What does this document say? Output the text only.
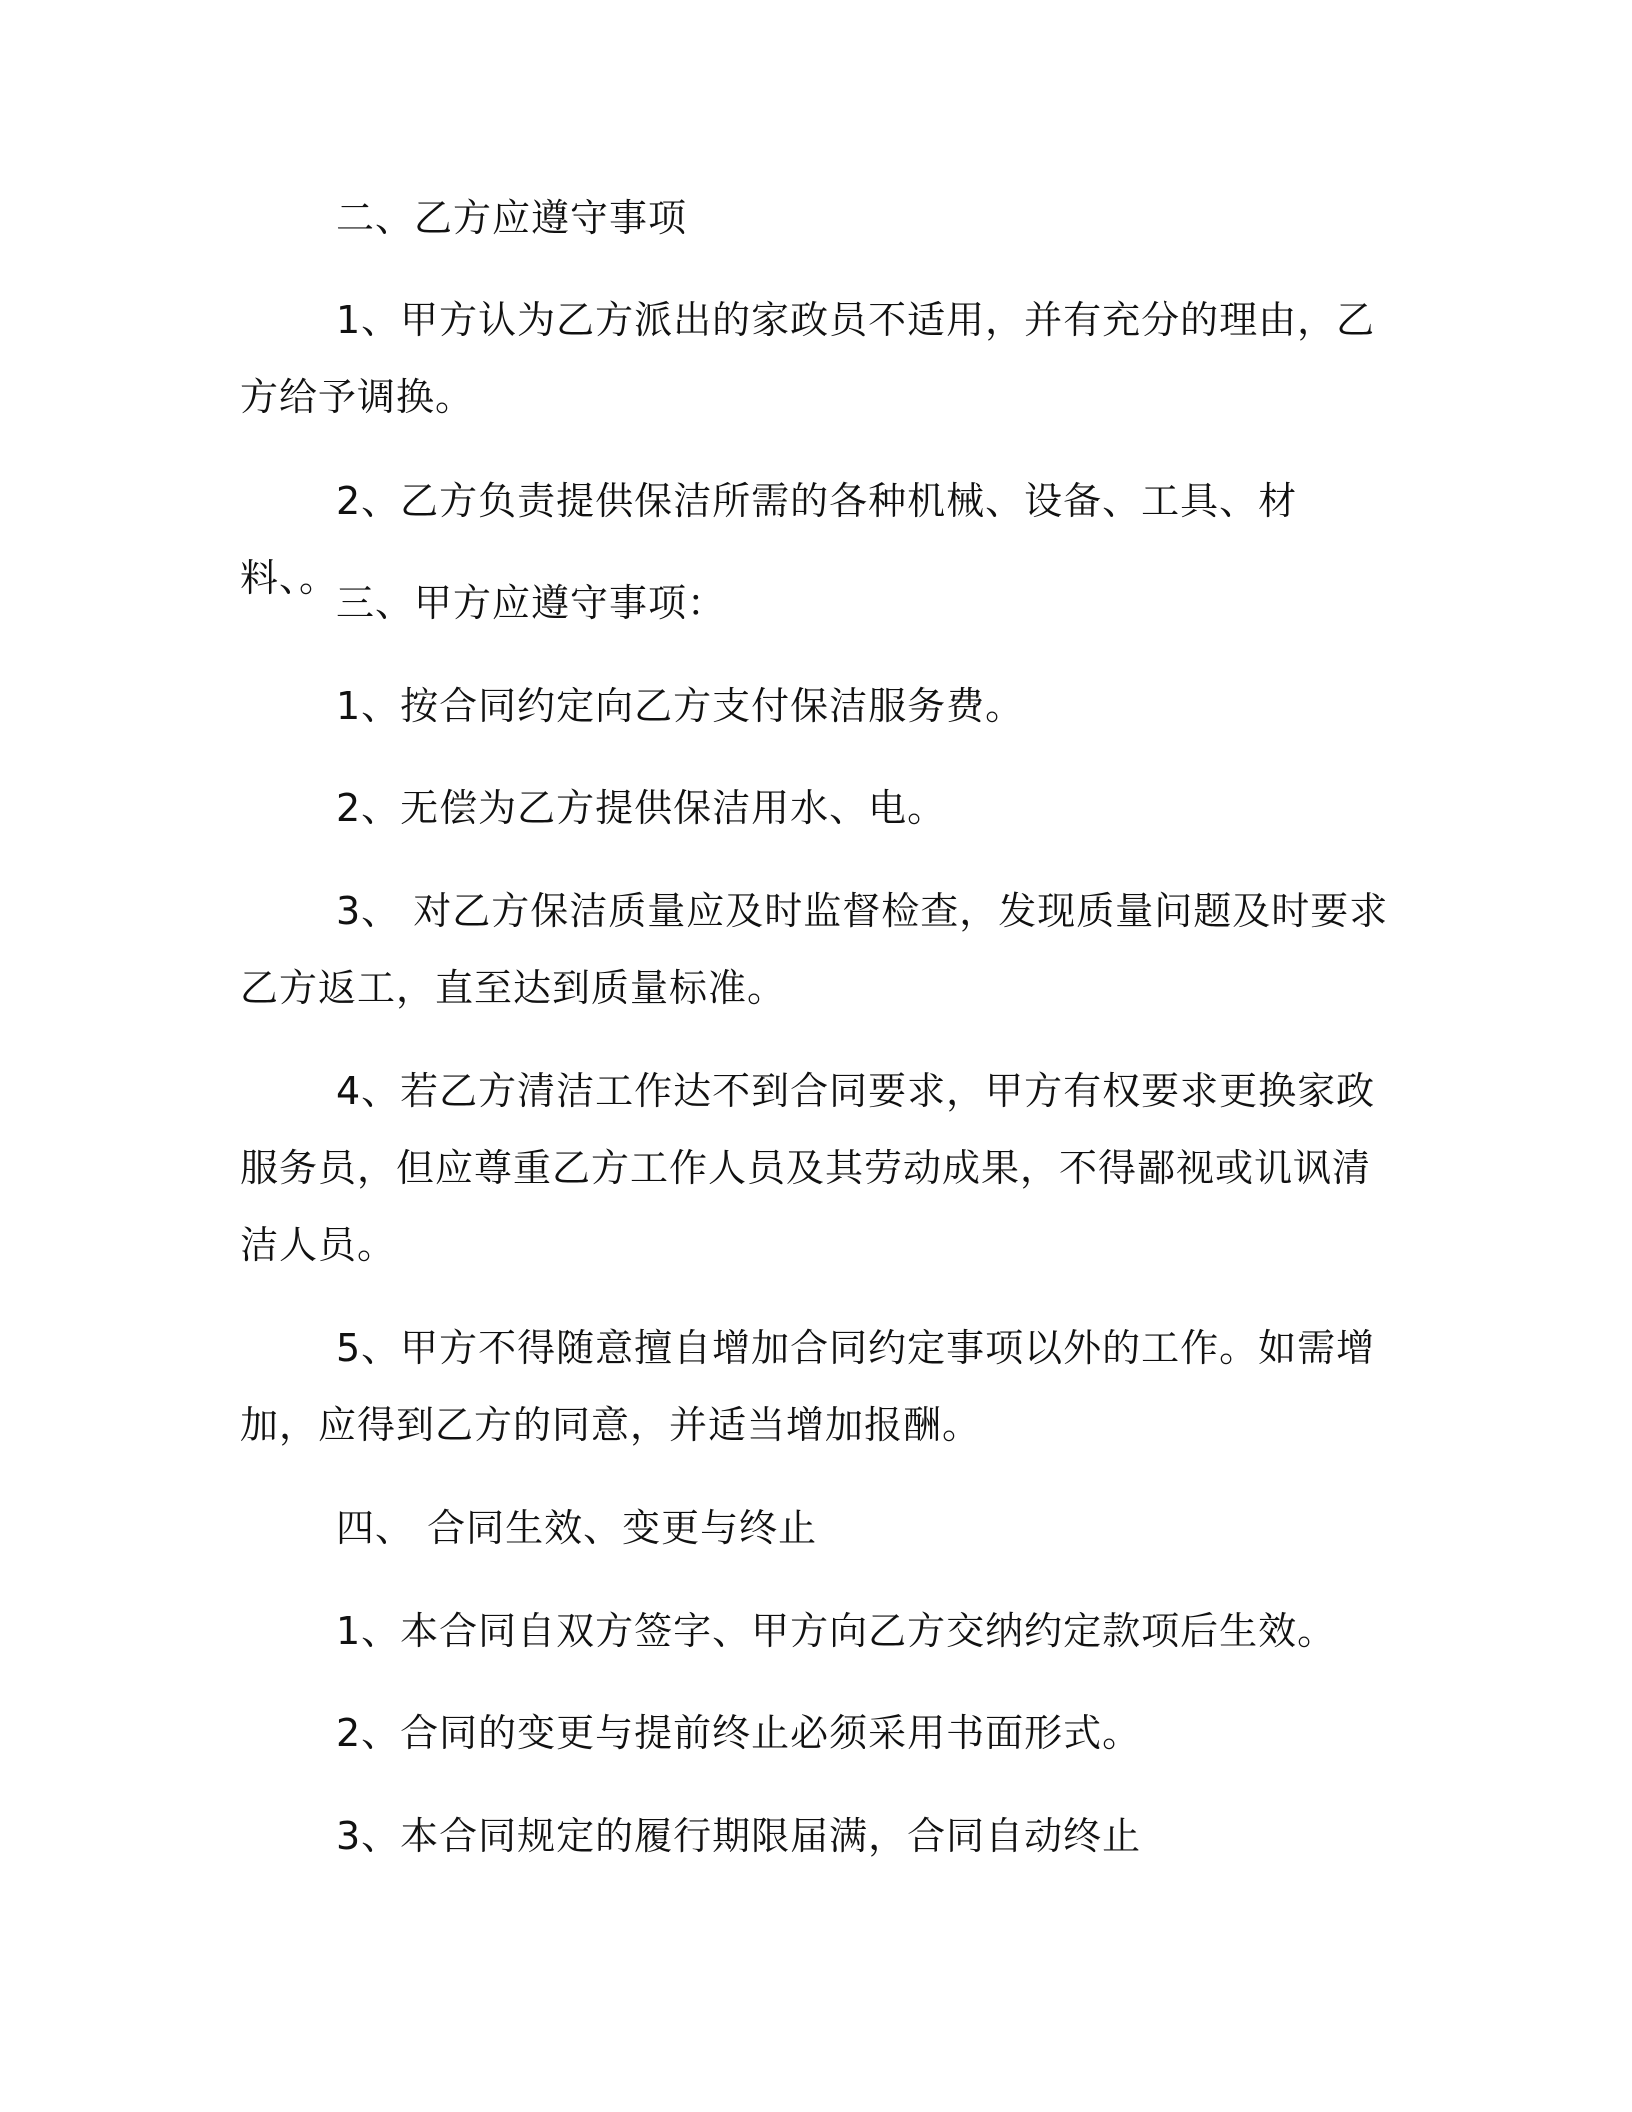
二、乙方应遵守事项

1、甲方认为乙方派出的家政员不适用，并有充分的理由，乙方给予调换。

2、乙方负责提供保洁所需的各种机械、设备、工具、材料、。

三、甲方应遵守事项：

1、按合同约定向乙方支付保洁服务费。

2、无偿为乙方提供保洁用水、电。

3、 对乙方保洁质量应及时监督检查，发现质量问题及时要求乙方返工，直至达到质量标准。

4、若乙方清洁工作达不到合同要求，甲方有权要求更换家政服务员，但应尊重乙方工作人员及其劳动成果，不得鄙视或讥讽清洁人员。

5、甲方不得随意擅自增加合同约定事项以外的工作。如需增加，应得到乙方的同意，并适当增加报酬。

四、 合同生效、变更与终止

1、本合同自双方签字、甲方向乙方交纳约定款项后生效。

2、合同的变更与提前终止必须采用书面形式。

3、本合同规定的履行期限届满，合同自动终止
